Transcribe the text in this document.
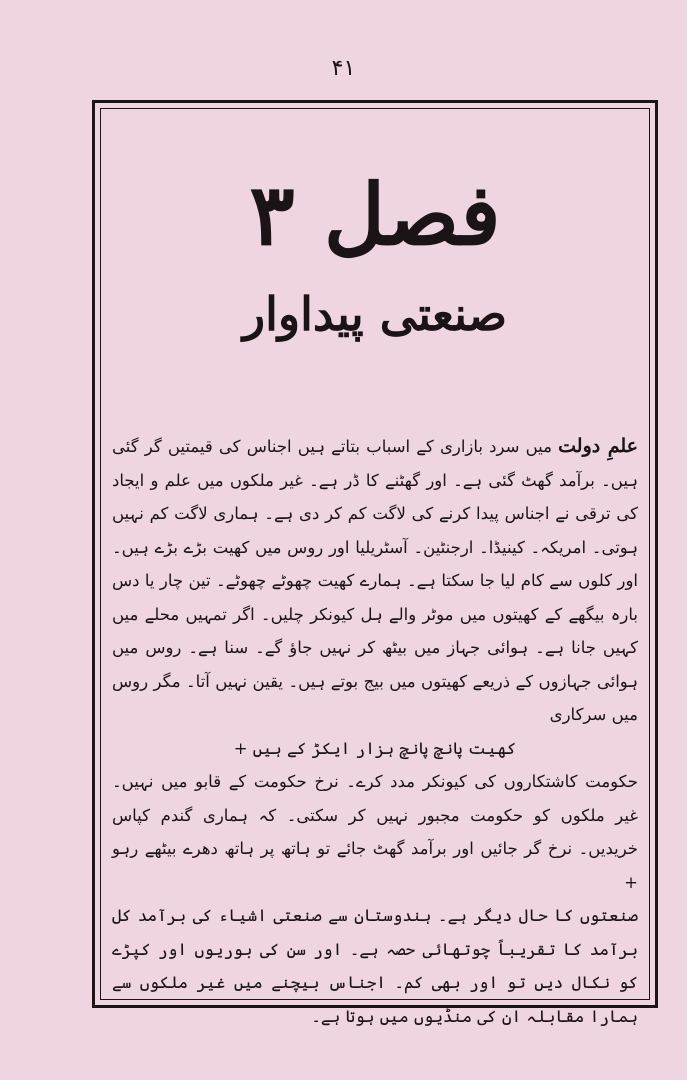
۴۱
فصل ۳
صنعتی پیداوار

علمِ دولت میں سرد بازاری کے اسباب بتاتے ہیں اجناس کی قیمتیں گر گئی ہیں۔ برآمد گھٹ گئی ہے۔ اور گھٹنے کا ڈر ہے۔ غیر ملکوں میں علم و ایجاد کی ترقی نے اجناس پیدا کرنے کی لاگت کم کر دی ہے۔ ہماری لاگت کم نہیں ہوتی۔ امریکہ۔ کینیڈا۔ ارجنٹین۔ آسٹریلیا اور روس میں کھیت بڑے بڑے ہیں۔ اور کلوں سے کام لیا جا سکتا ہے۔ ہمارے کھیت چھوٹے چھوٹے۔ تین چار یا دس بارہ بیگھے کے کھیتوں میں موٹر والے ہل کیونکر چلیں۔ اگر تمہیں محلے میں کہیں جانا ہے۔ ہوائی جہاز میں بیٹھ کر نہیں جاؤ گے۔ سنا ہے۔ روس میں ہوائی جہازوں کے ذریعے کھیتوں میں بیج بوتے ہیں۔ یقین نہیں آتا۔ مگر روس میں سرکاری

کھیت پانچ پانچ ہزار ایکڑ کے ہیں +

حکومت کاشتکاروں کی کیونکر مدد کرے۔ نرخ حکومت کے قابو میں نہیں۔ غیر ملکوں کو حکومت مجبور نہیں کر سکتی۔ کہ ہماری گندم کپاس خریدیں۔ نرخ گر جائیں اور برآمد گھٹ جائے تو ہاتھ پر ہاتھ دھرے بیٹھے رہو +

صنعتوں کا حال دیگر ہے۔ ہندوستان سے صنعتی اشیاء کی برآمد کل برآمد کا تقریباً چوتھائی حصہ ہے۔ اور سن کی بوریوں اور کپڑے کو نکال دیں تو اور بھی کم۔ اجناس بیچنے میں غیر ملکوں سے ہمارا مقابلہ ان کی منڈیوں میں ہوتا ہے۔
